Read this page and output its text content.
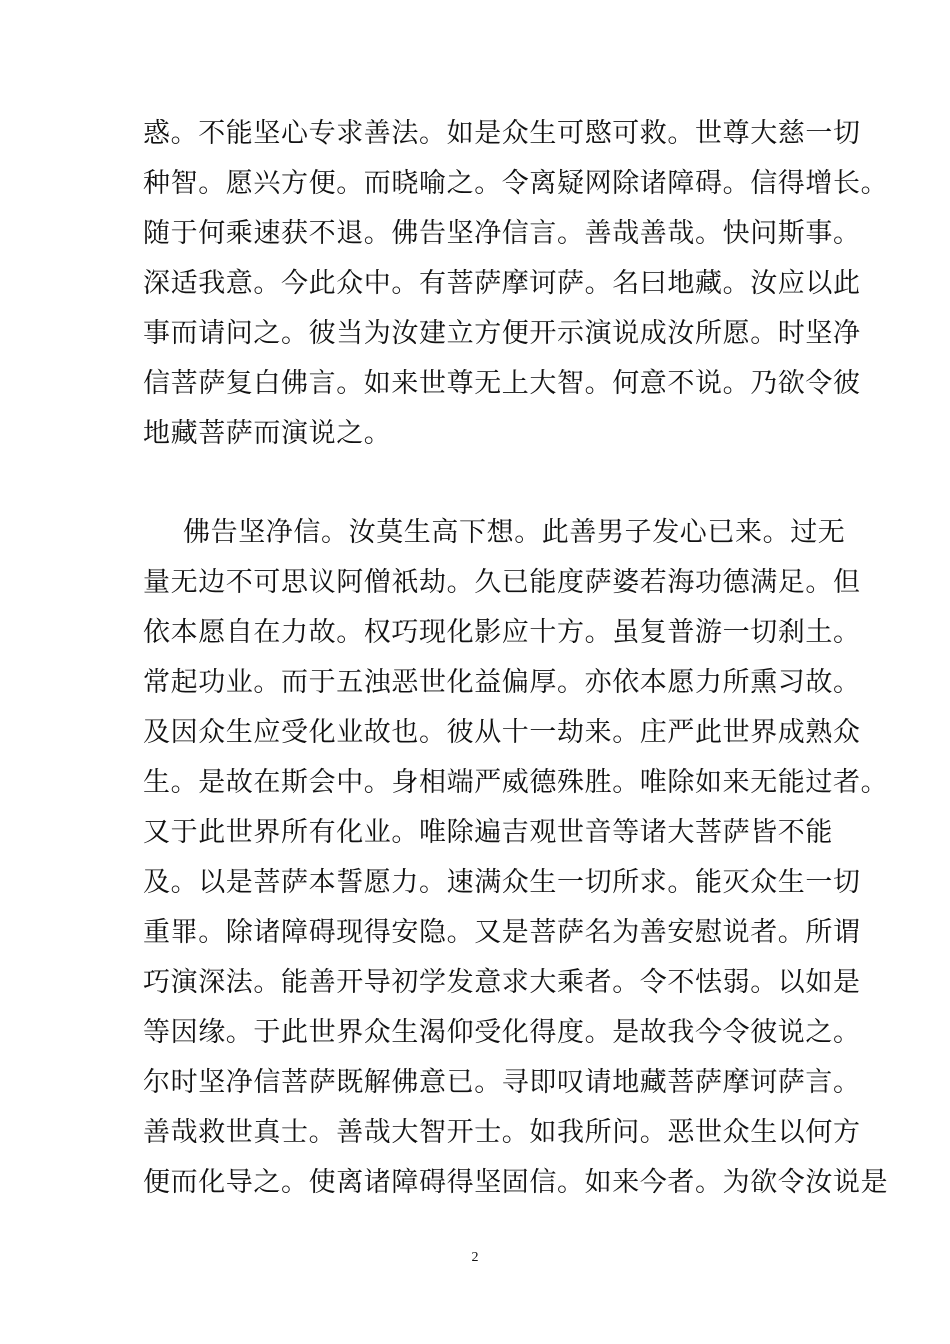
惑。不能坚心专求善法。如是众生可愍可救。世尊大慈一切
种智。愿兴方便。而晓喻之。令离疑网除诸障碍。信得增长。
随于何乘速获不退。佛告坚净信言。善哉善哉。快问斯事。
深适我意。今此众中。有菩萨摩诃萨。名曰地藏。汝应以此
事而请问之。彼当为汝建立方便开示演说成汝所愿。时坚净
信菩萨复白佛言。如来世尊无上大智。何意不说。乃欲令彼
地藏菩萨而演说之。
佛告坚净信。汝莫生高下想。此善男子发心已来。过无
量无边不可思议阿僧祇劫。久已能度萨婆若海功德满足。但
依本愿自在力故。权巧现化影应十方。虽复普游一切刹土。
常起功业。而于五浊恶世化益偏厚。亦依本愿力所熏习故。
及因众生应受化业故也。彼从十一劫来。庄严此世界成熟众
生。是故在斯会中。身相端严威德殊胜。唯除如来无能过者。
又于此世界所有化业。唯除遍吉观世音等诸大菩萨皆不能
及。以是菩萨本誓愿力。速满众生一切所求。能灭众生一切
重罪。除诸障碍现得安隐。又是菩萨名为善安慰说者。所谓
巧演深法。能善开导初学发意求大乘者。令不怯弱。以如是
等因缘。于此世界众生渴仰受化得度。是故我今令彼说之。
尔时坚净信菩萨既解佛意已。寻即叹请地藏菩萨摩诃萨言。
善哉救世真士。善哉大智开士。如我所问。恶世众生以何方
便而化导之。使离诸障碍得坚固信。如来今者。为欲令汝说是
2
